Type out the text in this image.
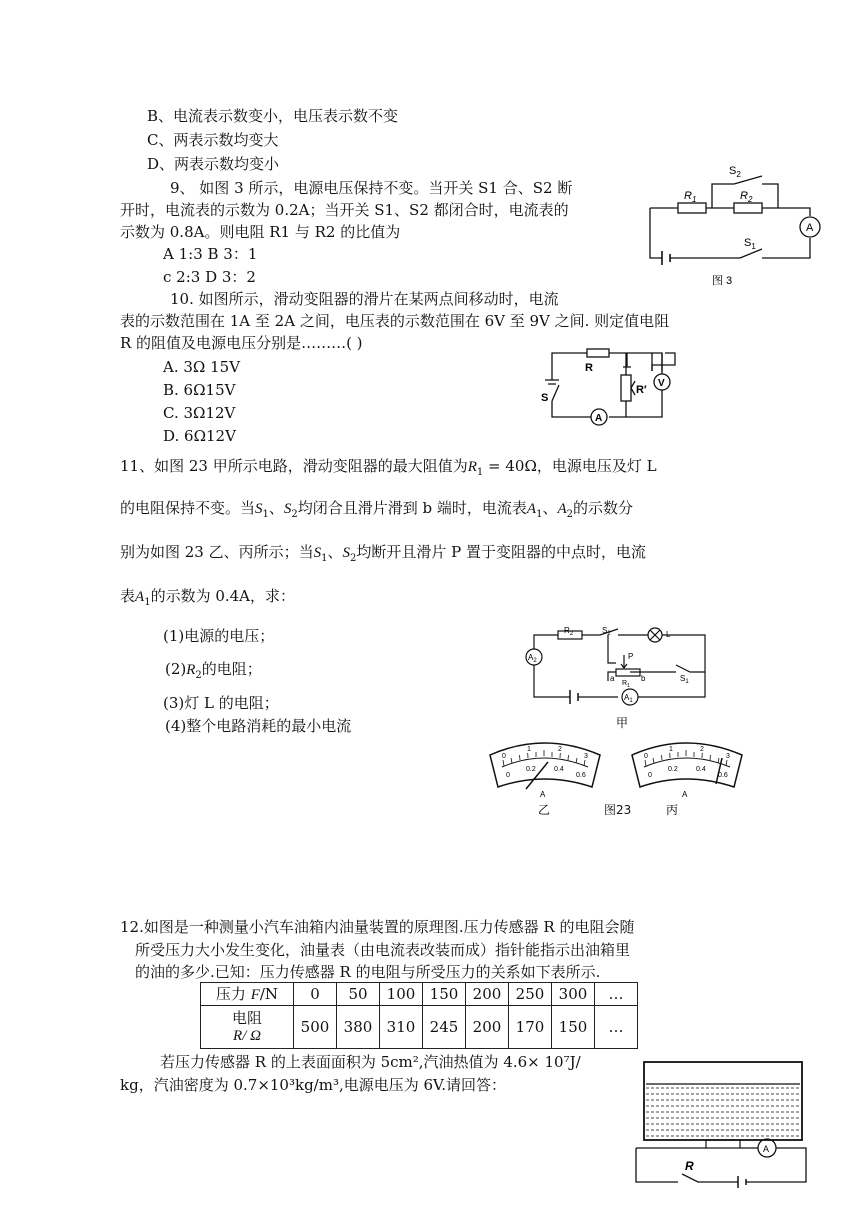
B、电流表示数变小，电压表示数不变
C、两表示数均变大
D、两表示数均变小
9、 如图 3 所示，电源电压保持不变。当开关 S1 合、S2 断
开时，电流表的示数为 0.2A；当开关 S1、S2 都闭合时，电流表的
示数为 0.8A。则电阻 R1 与 R2 的比值为
A 1:3 B 3：1
c 2:3 D 3：2
$S_2$
$R_1$	$R_2$
A
$S_1$
图 3
10. 如图所示，滑动变阻器的滑片在某两点间移动时，电流
表的示数范围在 1A 至 2A 之间，电压表的示数范围在 6V 至 9V 之间. 则定值电阻
R 的阻值及电源电压分别是………( )
A. 3Ω 15V
B. 6Ω15V
C. 3Ω12V
D. 6Ω12V
R
R′
V
S
A
11、如图 23 甲所示电路，滑动变阻器的最大阻值为$R_1 = 40\Omega$，电源电压及灯 L
的电阻保持不变。当$S_1$、$S_2$均闭合且滑片滑到 b 端时，电流表$A_1$、$A_2$的示数分
别为如图 23 乙、丙所示；当$S_1$、$S_2$均断开且滑片 P 置于变阻器的中点时，电流
表$A_1$的示数为 0.4A，求：
(1)电源的电压；
$(2)R_2$的电阻；
(3)灯 L 的电阻；
(4)整个电路消耗的最小电流
$R_2$	$S_2$	L
$A_2$	P
a	b
$R_1$
$S_1$
$A_1$
甲
0
1	2
3
0
0.2	0.4
0.6
A
乙
0
1	2
3
0
0.2	0.4
0.6
A
丙
图23
12.如图是一种测量小汽车油箱内油量装置的原理图.压力传感器 R 的电阻会随
所受压力大小发生变化，油量表（由电流表改装而成）指针能指示出油箱里
的油的多少.已知：压力传感器 R 的电阻与所受压力的关系如下表所示.
压力 F/N	0	50	100	150	200	250	300	…

电阻
R/ Ω	500	380	310	245	200	170	150	…
若压力传感器 R 的上表面面积为 5cm²,汽油热值为 4.6× 10⁷J/
kg，汽油密度为 0.7×10³kg/m³,电源电压为 6V.请回答：
R
A
